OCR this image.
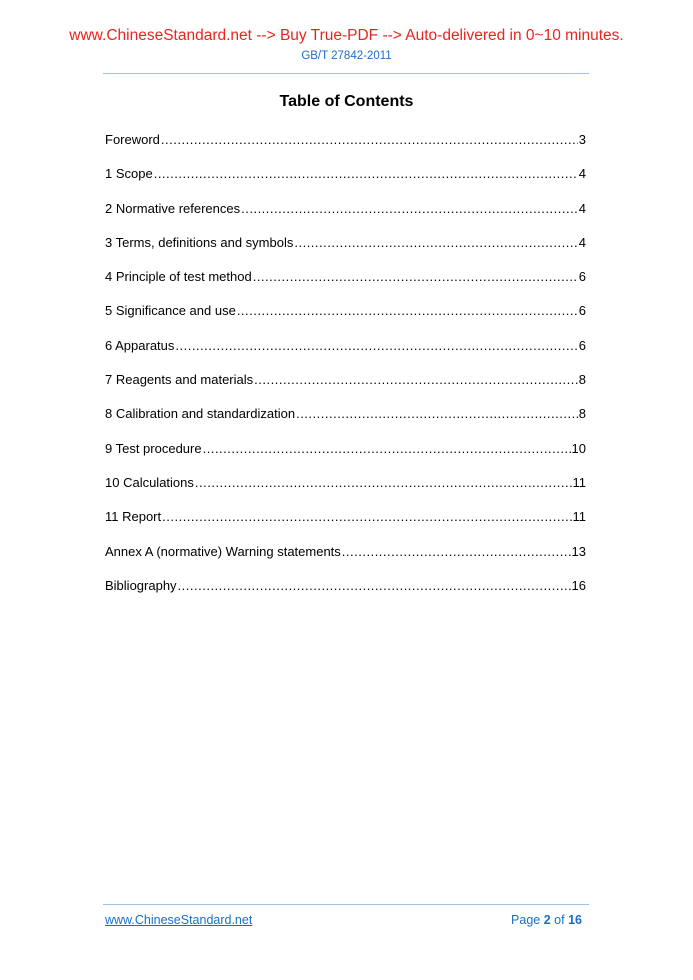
www.ChineseStandard.net --> Buy True-PDF --> Auto-delivered in 0~10 minutes.
GB/T 27842-2011
Table of Contents
Foreword .....	3
1 Scope .....	4
2 Normative references .....	4
3 Terms, definitions and symbols .....	4
4 Principle of test method .....	6
5 Significance and use .....	6
6 Apparatus .....	6
7 Reagents and materials .....	8
8 Calibration and standardization .....	8
9 Test procedure .....	10
10 Calculations .....	11
11 Report .....	11
Annex A (normative) Warning statements .....	13
Bibliography .....	16
www.ChineseStandard.net	Page 2 of 16
